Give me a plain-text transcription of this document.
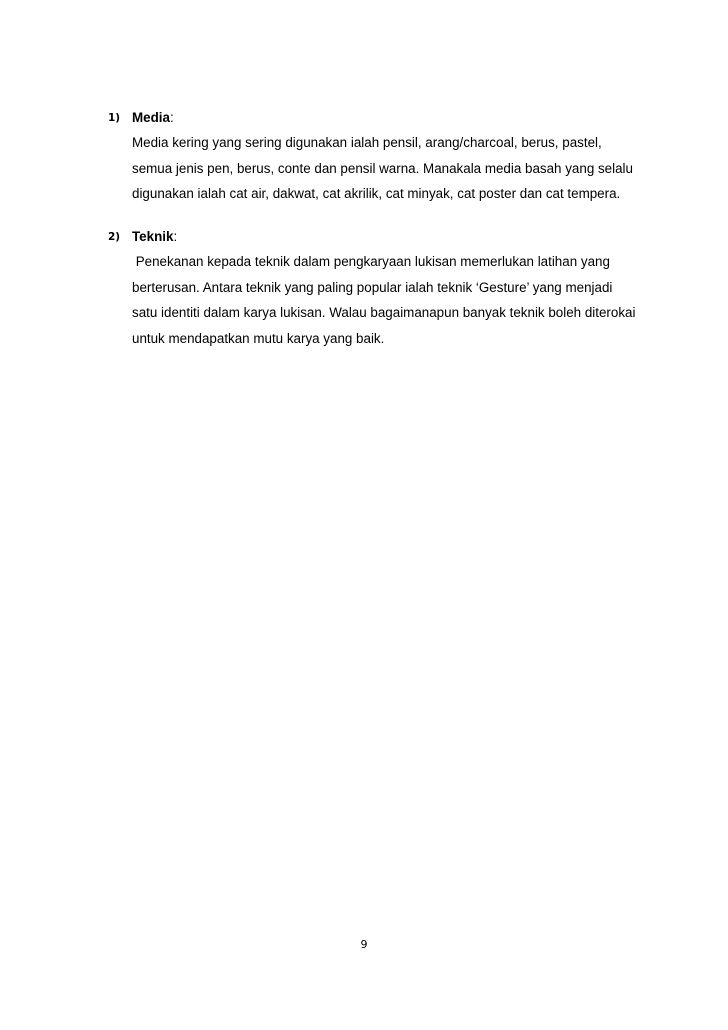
1) Media:
Media kering yang sering digunakan ialah pensil, arang/charcoal, berus, pastel,
semua jenis pen, berus, conte dan pensil warna. Manakala media basah yang selalu
digunakan ialah cat air, dakwat, cat akrilik, cat minyak, cat poster dan cat tempera.
2) Teknik:
Penekanan kepada teknik dalam pengkaryaan lukisan memerlukan latihan yang
berterusan. Antara teknik yang paling popular ialah teknik ‘Gesture’ yang menjadi
satu identiti dalam karya lukisan. Walau bagaimanapun banyak teknik boleh diterokai
untuk mendapatkan mutu karya yang baik.
9
